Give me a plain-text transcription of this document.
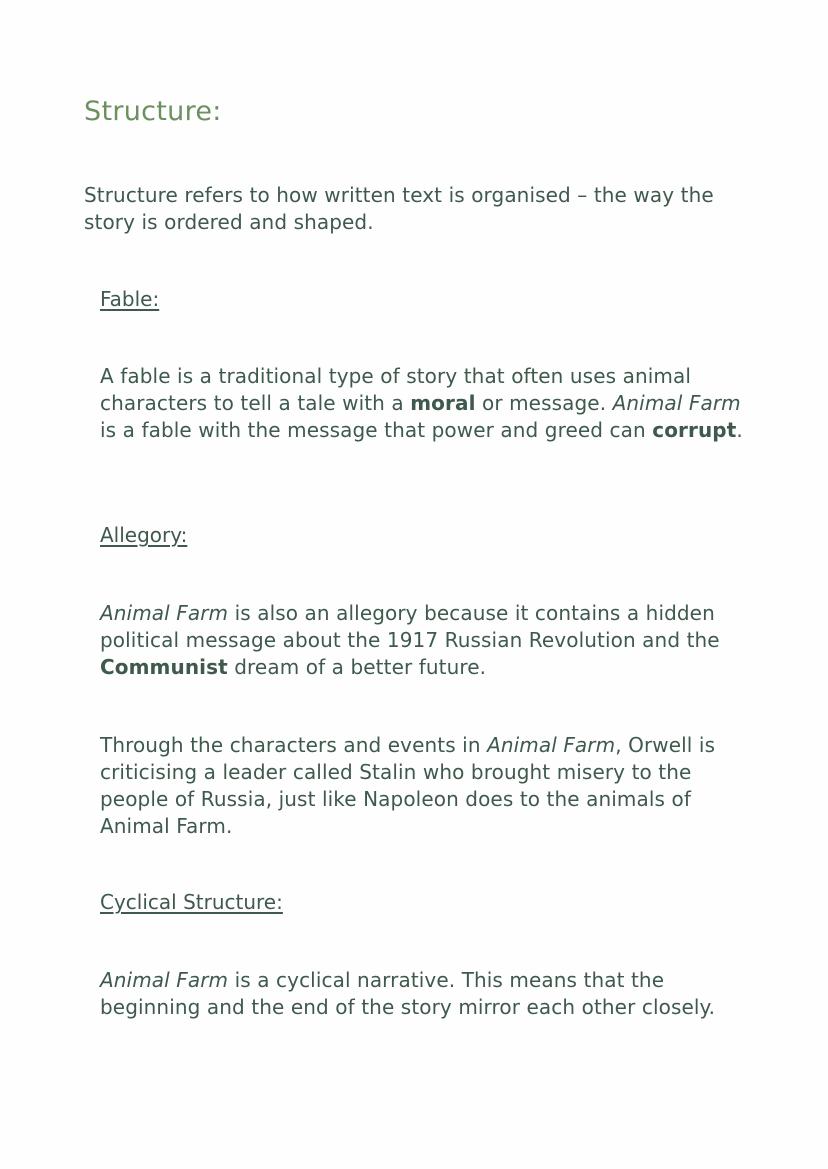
Structure:

Structure refers to how written text is organised – the way the story is ordered and shaped.

Fable:

A fable is a traditional type of story that often uses animal characters to tell a tale with a moral or message. Animal Farm is a fable with the message that power and greed can corrupt.

Allegory:

Animal Farm is also an allegory because it contains a hidden political message about the 1917 Russian Revolution and the Communist dream of a better future.

Through the characters and events in Animal Farm, Orwell is criticising a leader called Stalin who brought misery to the people of Russia, just like Napoleon does to the animals of Animal Farm.

Cyclical Structure:

Animal Farm is a cyclical narrative. This means that the beginning and the end of the story mirror each other closely.
